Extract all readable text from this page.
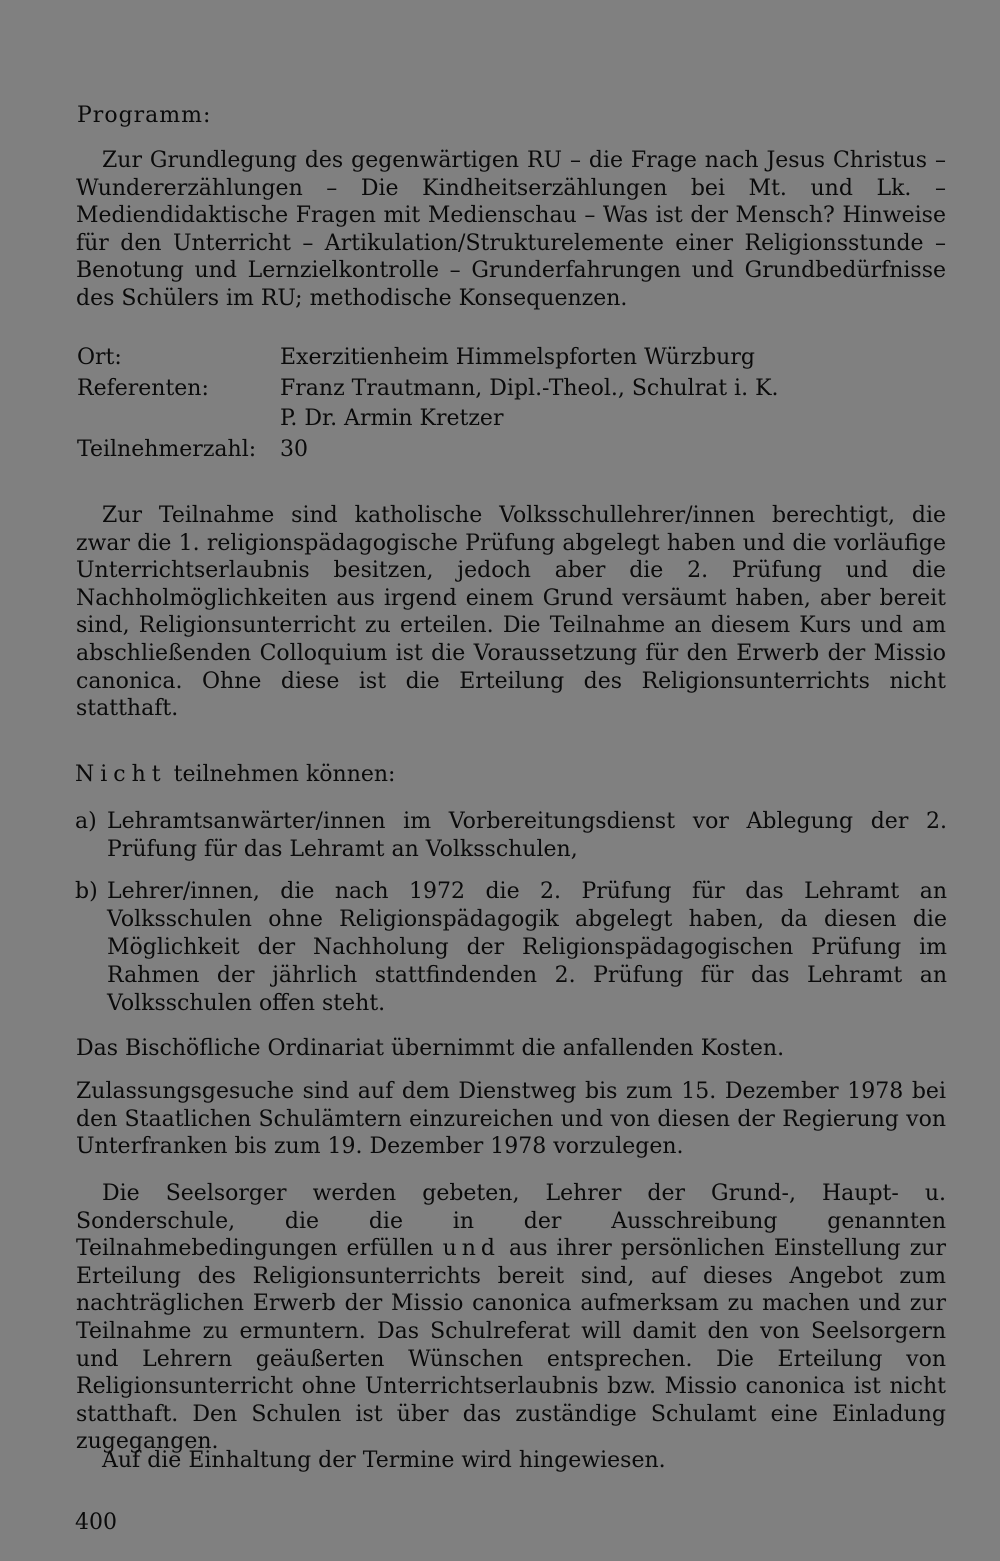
Programm:

Zur Grundlegung des gegenwärtigen RU – die Frage nach Jesus Christus – Wundererzählungen – Die Kindheitserzählungen bei Mt. und Lk. – Mediendidaktische Fragen mit Medienschau – Was ist der Mensch? Hinweise für den Unterricht – Artikulation/Strukturelemente einer Religionsstunde – Benotung und Lernzielkontrolle – Grunderfahrungen und Grundbedürfnisse des Schülers im RU; methodische Konsequenzen.

Ort:	Exerzitienheim Himmelspforten Würzburg
Referenten:	Franz Trautmann, Dipl.-Theol., Schulrat i. K.
P. Dr. Armin Kretzer
Teilnehmerzahl:	30

Zur Teilnahme sind katholische Volksschullehrer/innen berechtigt, die zwar die 1. religionspädagogische Prüfung abgelegt haben und die vorläufige Unterrichtserlaubnis besitzen, jedoch aber die 2. Prüfung und die Nachholmöglichkeiten aus irgend einem Grund versäumt haben, aber bereit sind, Religionsunterricht zu erteilen. Die Teilnahme an diesem Kurs und am abschließenden Colloquium ist die Voraussetzung für den Erwerb der Missio canonica. Ohne diese ist die Erteilung des Religionsunterrichts nicht statthaft.

Nicht teilnehmen können:

a) Lehramtsanwärter/innen im Vorbereitungsdienst vor Ablegung der 2. Prüfung für das Lehramt an Volksschulen,

b) Lehrer/innen, die nach 1972 die 2. Prüfung für das Lehramt an Volksschulen ohne Religionspädagogik abgelegt haben, da diesen die Möglichkeit der Nachholung der Religionspädagogischen Prüfung im Rahmen der jährlich stattfindenden 2. Prüfung für das Lehramt an Volksschulen offen steht.

Das Bischöfliche Ordinariat übernimmt die anfallenden Kosten.

Zulassungsgesuche sind auf dem Dienstweg bis zum 15. Dezember 1978 bei den Staatlichen Schulämtern einzureichen und von diesen der Regierung von Unterfranken bis zum 19. Dezember 1978 vorzulegen.

Die Seelsorger werden gebeten, Lehrer der Grund-, Haupt- u. Sonderschule, die die in der Ausschreibung genannten Teilnahmebedingungen erfüllen und aus ihrer persönlichen Einstellung zur Erteilung des Religionsunterrichts bereit sind, auf dieses Angebot zum nachträglichen Erwerb der Missio canonica aufmerksam zu machen und zur Teilnahme zu ermuntern. Das Schulreferat will damit den von Seelsorgern und Lehrern geäußerten Wünschen entsprechen. Die Erteilung von Religionsunterricht ohne Unterrichtserlaubnis bzw. Missio canonica ist nicht statthaft. Den Schulen ist über das zuständige Schulamt eine Einladung zugegangen.

Auf die Einhaltung der Termine wird hingewiesen.

400
